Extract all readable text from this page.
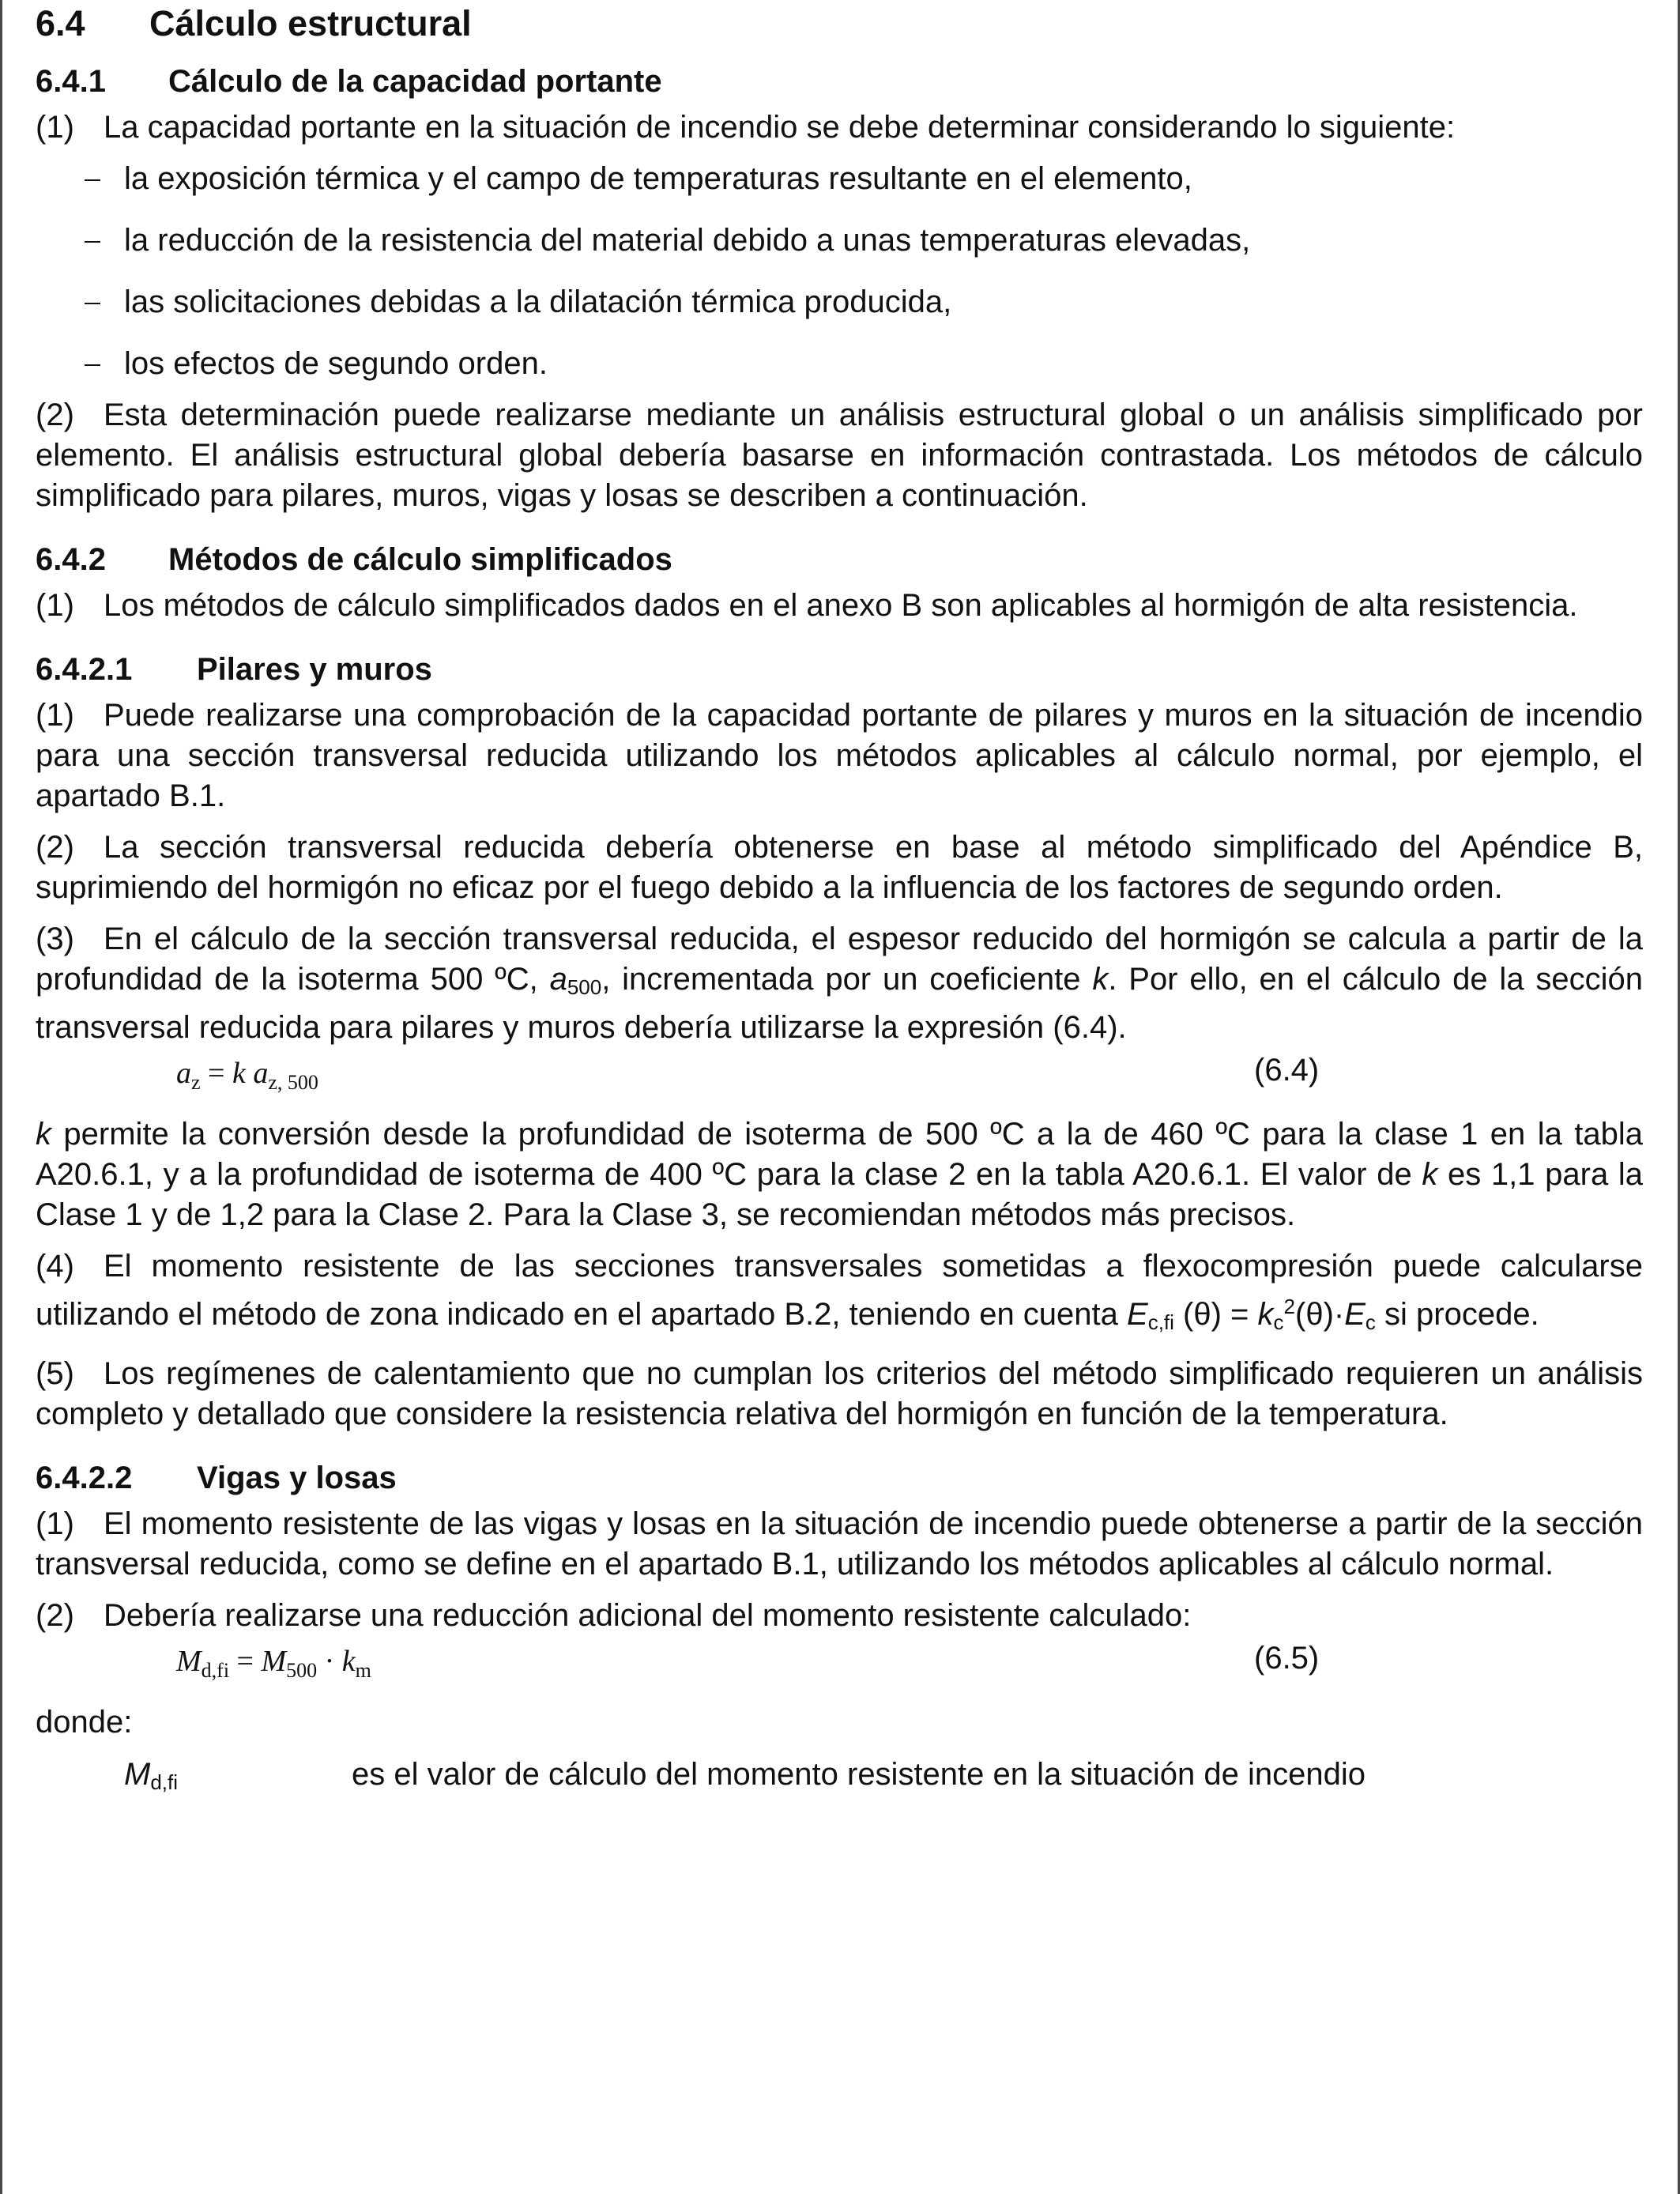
6.4	Cálculo estructural
6.4.1	Cálculo de la capacidad portante

(1) La capacidad portante en la situación de incendio se debe determinar considerando lo siguiente:

la exposición térmica y el campo de temperaturas resultante en el elemento,
la reducción de la resistencia del material debido a unas temperaturas elevadas,
las solicitaciones debidas a la dilatación térmica producida,
los efectos de segundo orden.

(2) Esta determinación puede realizarse mediante un análisis estructural global o un análisis simplificado por elemento. El análisis estructural global debería basarse en información contrastada. Los métodos de cálculo simplificado para pilares, muros, vigas y losas se describen a continuación.

6.4.2	Métodos de cálculo simplificados

(1) Los métodos de cálculo simplificados dados en el anexo B son aplicables al hormigón de alta resistencia.

6.4.2.1	Pilares y muros

(1) Puede realizarse una comprobación de la capacidad portante de pilares y muros en la situación de incendio para una sección transversal reducida utilizando los métodos aplicables al cálculo normal, por ejemplo, el apartado B.1.

(2) La sección transversal reducida debería obtenerse en base al método simplificado del Apéndice B, suprimiendo del hormigón no eficaz por el fuego debido a la influencia de los factores de segundo orden.

(3) En el cálculo de la sección transversal reducida, el espesor reducido del hormigón se calcula a partir de la profundidad de la isoterma 500 ºC, $a_{500}$, incrementada por un coeficiente k. Por ello, en el cálculo de la sección transversal reducida para pilares y muros debería utilizarse la expresión (6.4).

$a_z = k$ $a_{z, 500}$	(6.4)

k permite la conversión desde la profundidad de isoterma de 500 ºC a la de 460 ºC para la clase 1 en la tabla A20.6.1, y a la profundidad de isoterma de 400 ºC para la clase 2 en la tabla A20.6.1. El valor de k es 1,1 para la Clase 1 y de 1,2 para la Clase 2. Para la Clase 3, se recomiendan métodos más precisos.

(4) El momento resistente de las secciones transversales sometidas a flexocompresión puede calcularse utilizando el método de zona indicado en el apartado B.2, teniendo en cuenta $E_{c,fi}$ $(\theta) = k_c^2(\theta)\cdot E_c$ si procede.

(5) Los regímenes de calentamiento que no cumplan los criterios del método simplificado requieren un análisis completo y detallado que considere la resistencia relativa del hormigón en función de la temperatura.

6.4.2.2	Vigas y losas

(1) El momento resistente de las vigas y losas en la situación de incendio puede obtenerse a partir de la sección transversal reducida, como se define en el apartado B.1, utilizando los métodos aplicables al cálculo normal.

(2) Debería realizarse una reducción adicional del momento resistente calculado:

$M_{d,fi} = M_{500} \cdot k_m$	(6.5)

donde:

$M_{d,fi}$	es el valor de cálculo del momento resistente en la situación de incendio
